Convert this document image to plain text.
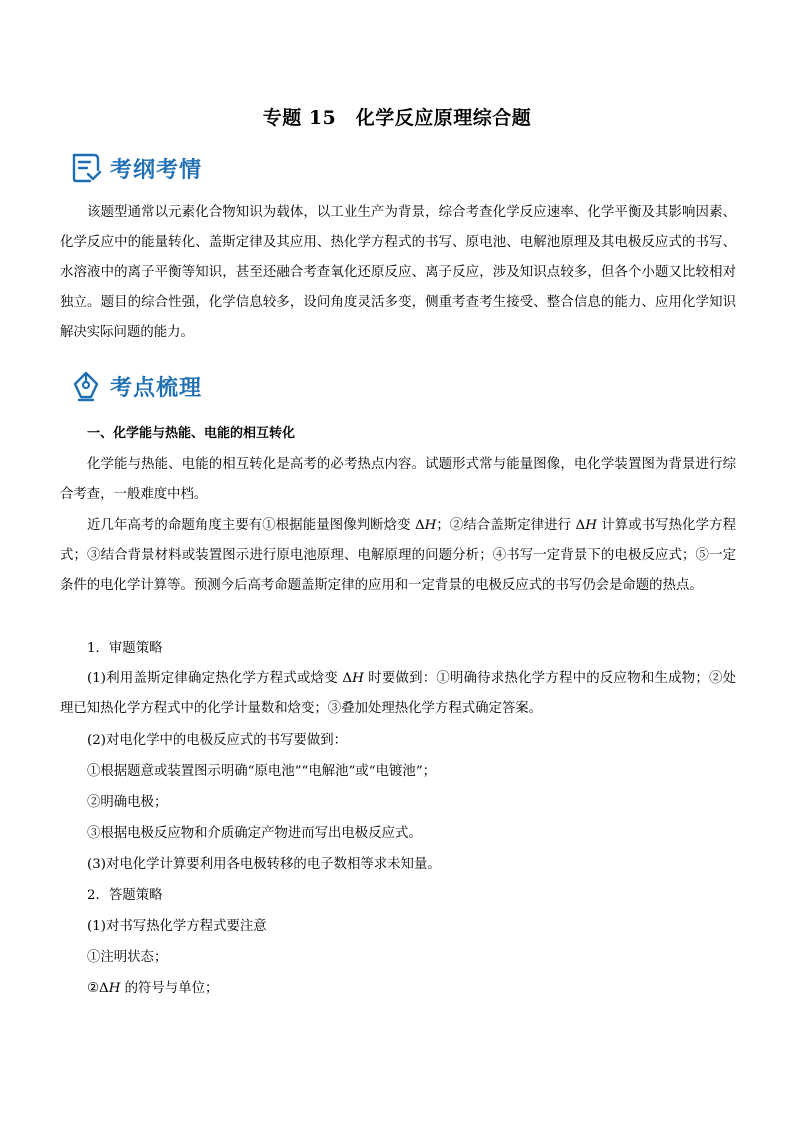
专题 15　化学反应原理综合题
考纲考情

该题型通常以元素化合物知识为载体，以工业生产为背景，综合考查化学反应速率、化学平衡及其影响因素、化学反应中的能量转化、盖斯定律及其应用、热化学方程式的书写、原电池、电解池原理及其电极反应式的书写、水溶液中的离子平衡等知识，甚至还融合考查氧化还原反应、离子反应，涉及知识点较多，但各个小题又比较相对独立。题目的综合性强，化学信息较多，设问角度灵活多变，侧重考查考生接受、整合信息的能力、应用化学知识解决实际问题的能力。

考点梳理

一、化学能与热能、电能的相互转化

化学能与热能、电能的相互转化是高考的必考热点内容。试题形式常与能量图像，电化学装置图为背景进行综合考查，一般难度中档。

近几年高考的命题角度主要有①根据能量图像判断焓变 ΔH；②结合盖斯定律进行 ΔH 计算或书写热化学方程式；③结合背景材料或装置图示进行原电池原理、电解原理的问题分析；④书写一定背景下的电极反应式；⑤一定条件的电化学计算等。预测今后高考命题盖斯定律的应用和一定背景的电极反应式的书写仍会是命题的热点。

1．审题策略

(1)利用盖斯定律确定热化学方程式或焓变 ΔH 时要做到：①明确待求热化学方程中的反应物和生成物；②处理已知热化学方程式中的化学计量数和焓变；③叠加处理热化学方程式确定答案。

(2)对电化学中的电极反应式的书写要做到：

①根据题意或装置图示明确“原电池”“电解池”或“电镀池”；

②明确电极；

③根据电极反应物和介质确定产物进而写出电极反应式。

(3)对电化学计算要利用各电极转移的电子数相等求未知量。

2．答题策略

(1)对书写热化学方程式要注意

①注明状态；

②ΔH 的符号与单位；
